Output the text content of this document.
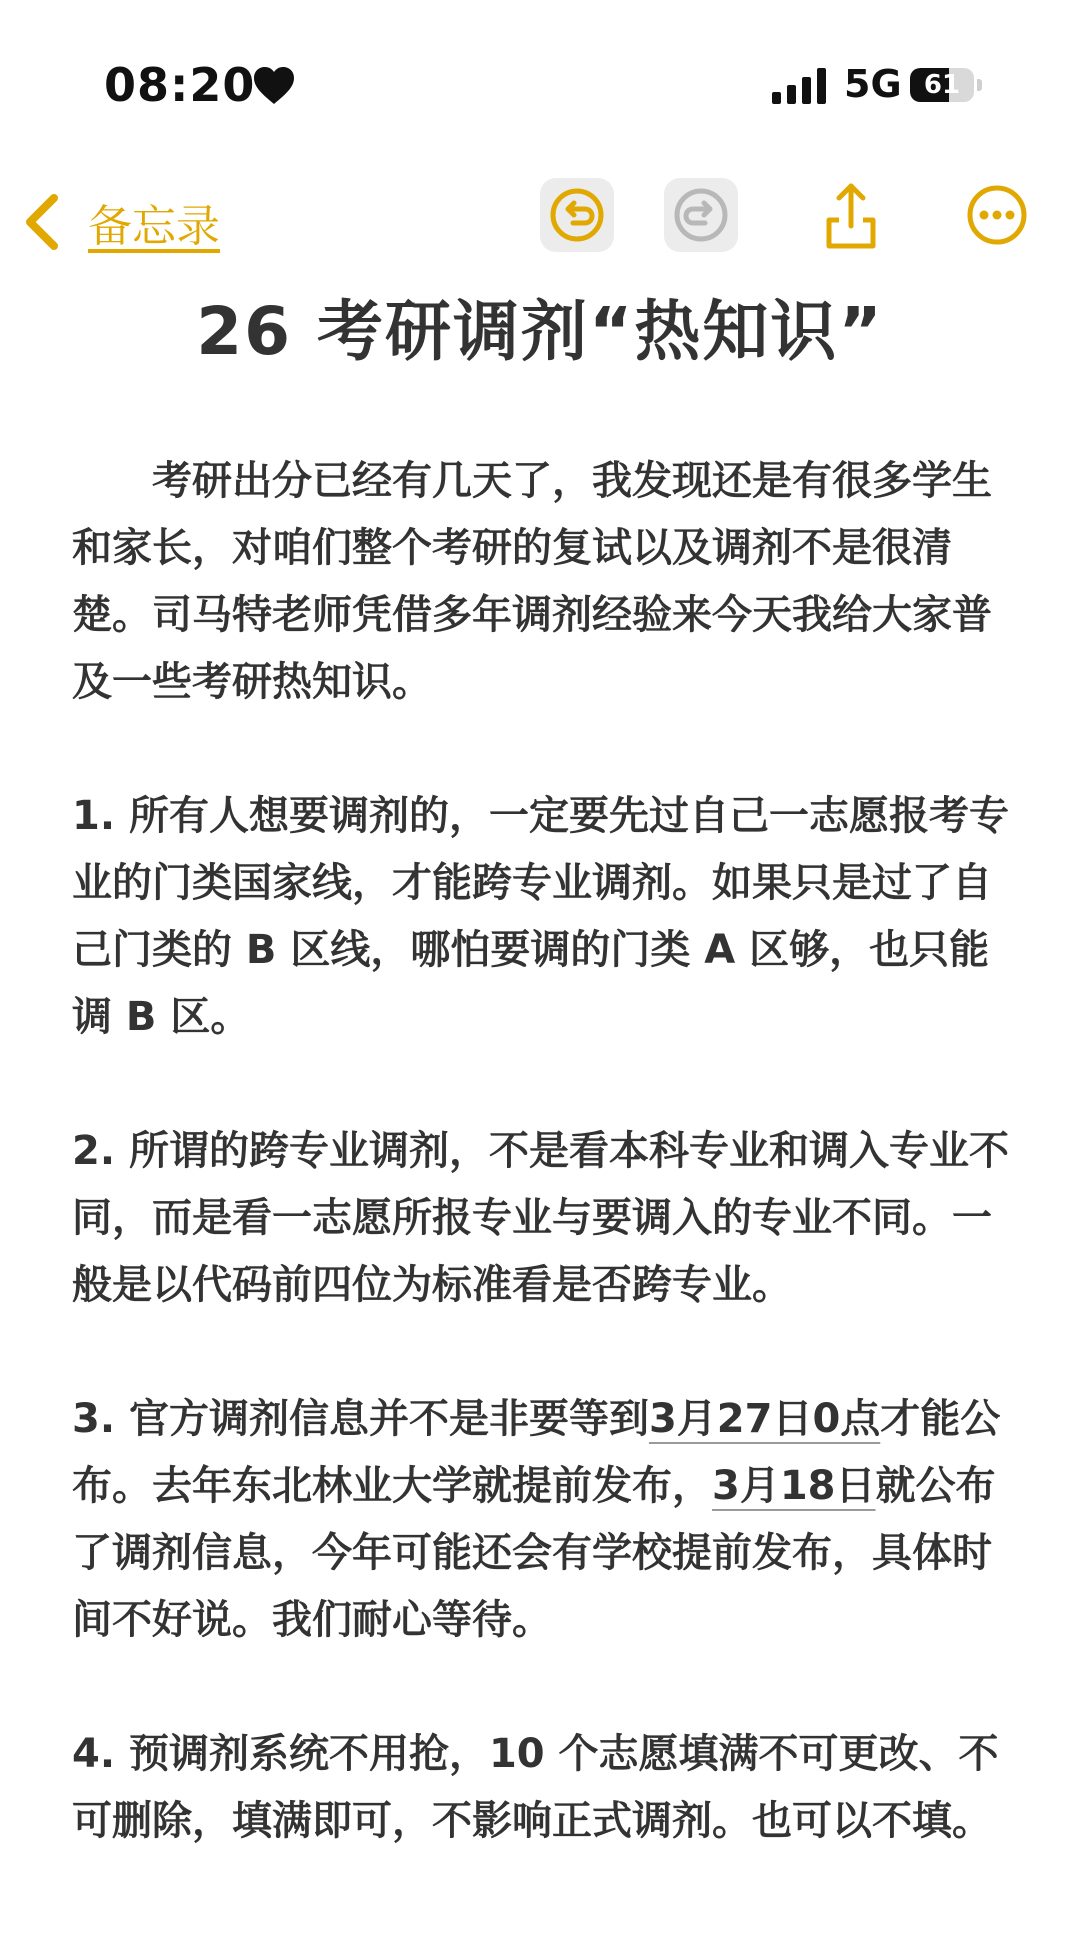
08:20	5G 61
备忘录
26 考研调剂“热知识”

考研出分已经有几天了，我发现还是有很多学生和家长，对咱们整个考研的复试以及调剂不是很清楚。司马特老师凭借多年调剂经验来今天我给大家普及一些考研热知识。

1. 所有人想要调剂的，一定要先过自己一志愿报考专业的门类国家线，才能跨专业调剂。如果只是过了自己门类的 B 区线，哪怕要调的门类 A 区够，也只能调 B 区。

2. 所谓的跨专业调剂，不是看本科专业和调入专业不同，而是看一志愿所报专业与要调入的专业不同。一般是以代码前四位为标准看是否跨专业。

3. 官方调剂信息并不是非要等到3月27日0点才能公布。去年东北林业大学就提前发布，3月18日就公布了调剂信息，今年可能还会有学校提前发布，具体时间不好说。我们耐心等待。

4. 预调剂系统不用抢，10 个志愿填满不可更改、不可删除，填满即可，不影响正式调剂。也可以不填。
